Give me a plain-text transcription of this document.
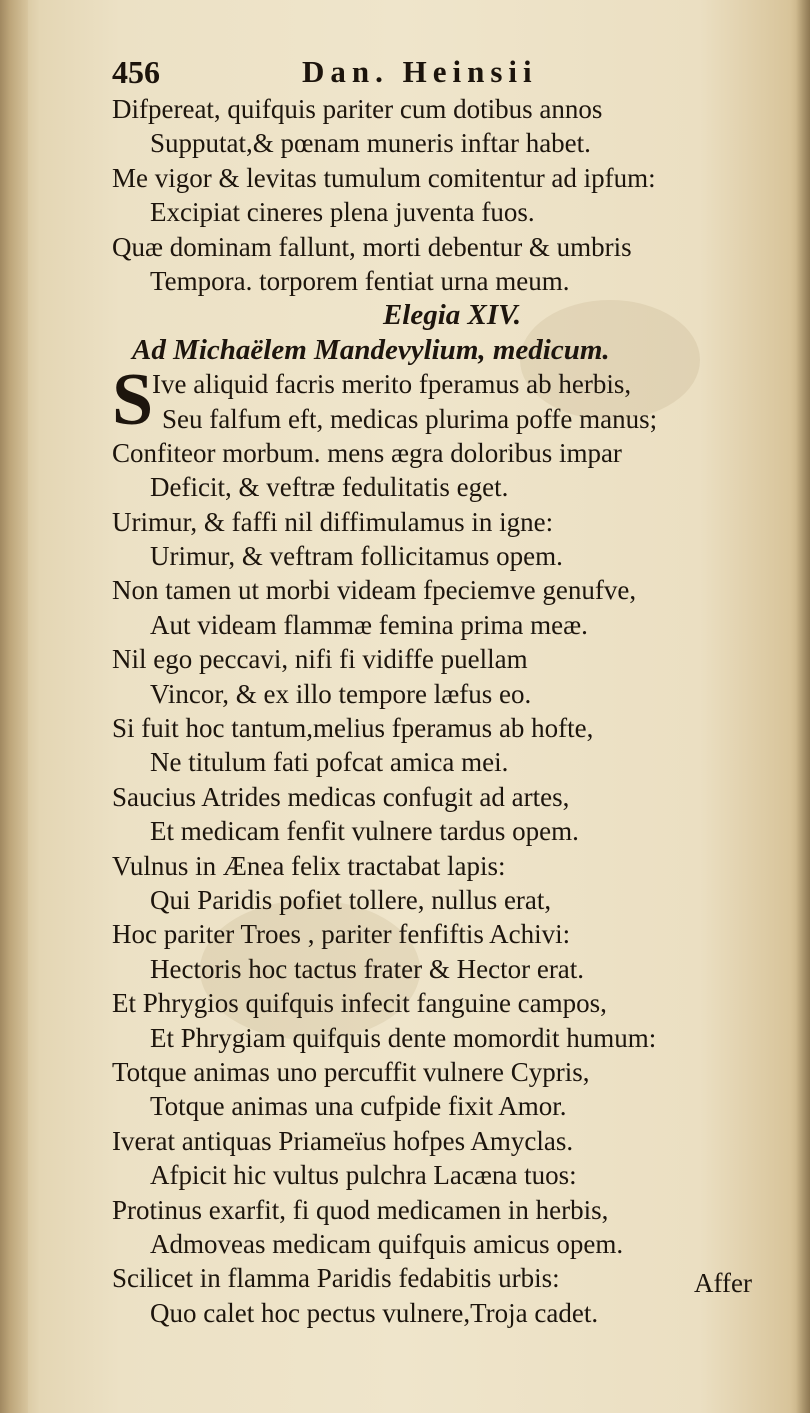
456	Dan. Heinsii
Difpereat, quifquis pariter cum dotibus annos
Supputat,& pœnam muneris inftar habet.
Me vigor & levitas tumulum comitentur ad ipfum:
Excipiat cineres plena juventa fuos.
Quæ dominam fallunt, morti debentur & umbris
Tempora. torporem fentiat urna meum.
Elegia XIV.
Ad Michaëlem Mandevylium, medicum.
S
Ive aliquid facris merito fperamus ab herbis,
Seu falfum eft, medicas plurima poffe manus;
Confiteor morbum. mens ægra doloribus impar
Deficit, & veftræ fedulitatis eget.
Urimur, & faffi nil diffimulamus in igne:
Urimur, & veftram follicitamus opem.
Non tamen ut morbi videam fpeciemve genufve,
Aut videam flammæ femina prima meæ.
Nil ego peccavi, nifi fi vidiffe puellam
Vincor, & ex illo tempore læfus eo.
Si fuit hoc tantum,melius fperamus ab hofte,
Ne titulum fati pofcat amica mei.
Saucius Atrides medicas confugit ad artes,
Et medicam fenfit vulnere tardus opem.
Vulnus in Ænea felix tractabat lapis:
Qui Paridis pofiet tollere, nullus erat,
Hoc pariter Troes , pariter fenfiftis Achivi:
Hectoris hoc tactus frater & Hector erat.
Et Phrygios quifquis infecit fanguine campos,
Et Phrygiam quifquis dente momordit humum:
Totque animas uno percuffit vulnere Cypris,
Totque animas una cufpide fixit Amor.
Iverat antiquas Priameïus hofpes Amyclas.
Afpicit hic vultus pulchra Lacæna tuos:
Protinus exarfit, fi quod medicamen in herbis,
Admoveas medicam quifquis amicus opem.
Scilicet in flamma Paridis fedabitis urbis:
Quo calet hoc pectus vulnere,Troja cadet.
Affer
